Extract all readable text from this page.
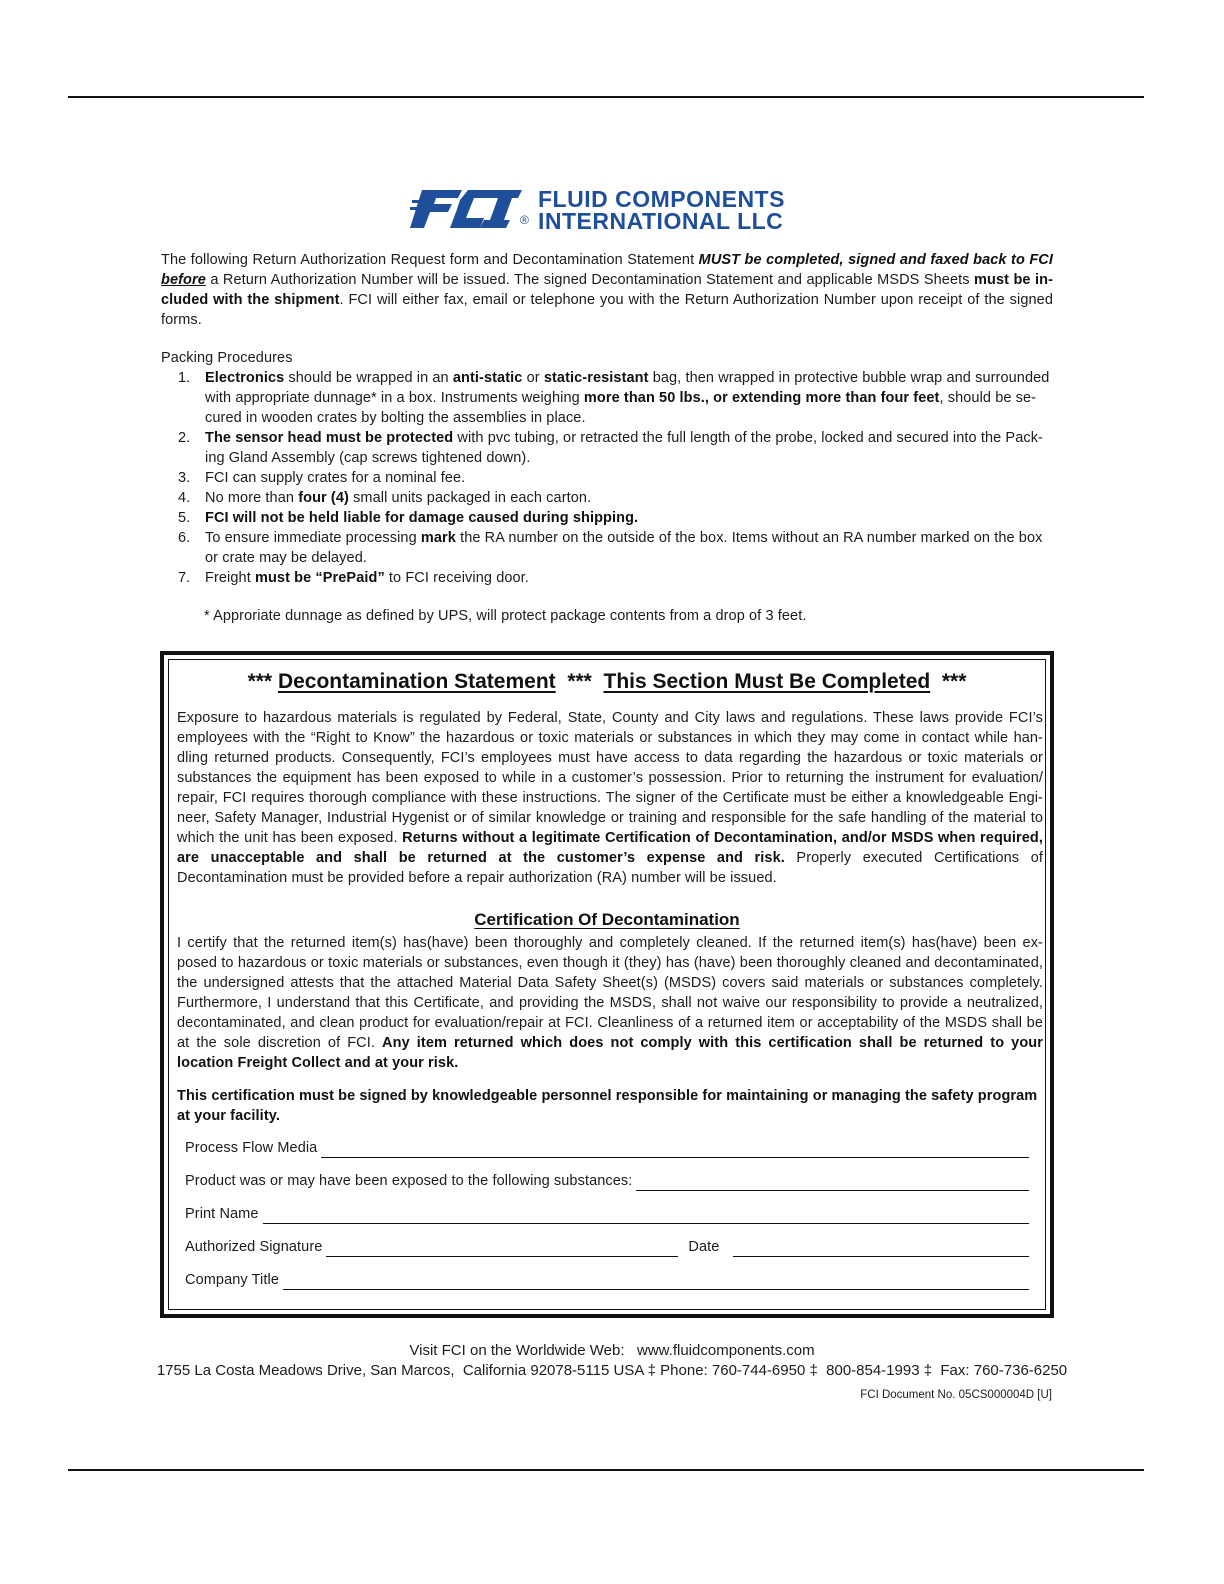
®
FLUID COMPONENTS
INTERNATIONAL LLC

The following Return Authorization Request form and Decontamination Statement MUST be completed, signed and faxed back to FCI before a Return Authorization Number will be issued. The signed Decontamination Statement and applicable MSDS Sheets must be in-cluded with the shipment. FCI will either fax, email or telephone you with the Return Authorization Number upon receipt of the signed forms.

Packing Procedures
1. Electronics should be wrapped in an anti-static or static-resistant bag, then wrapped in protective bubble wrap and surrounded with appropriate dunnage* in a box. Instruments weighing more than 50 lbs., or extending more than four feet, should be se-cured in wooden crates by bolting the assemblies in place.
2. The sensor head must be protected with pvc tubing, or retracted the full length of the probe, locked and secured into the Pack-ing Gland Assembly (cap screws tightened down).
3. FCI can supply crates for a nominal fee.
4. No more than four (4) small units packaged in each carton.
5. FCI will not be held liable for damage caused during shipping.
6. To ensure immediate processing mark the RA number on the outside of the box. Items without an RA number marked on the box or crate may be delayed.
7. Freight must be “PrePaid” to FCI receiving door.
* Approriate dunnage as defined by UPS, will protect package contents from a drop of 3 feet.
*** Decontamination Statement  ***  This Section Must Be Completed  ***

Exposure to hazardous materials is regulated by Federal, State, County and City laws and regulations. These laws provide FCI’s employees with the “Right to Know” the hazardous or toxic materials or substances in which they may come in contact while han-dling returned products. Consequently, FCI’s employees must have access to data regarding the hazardous or toxic materials or substances the equipment has been exposed to while in a customer’s possession. Prior to returning the instrument for evaluation/ repair, FCI requires thorough compliance with these instructions. The signer of the Certificate must be either a knowledgeable Engi-neer, Safety Manager, Industrial Hygenist or of similar knowledge or training and responsible for the safe handling of the material to which the unit has been exposed. Returns without a legitimate Certification of Decontamination, and/or MSDS when required, are unacceptable and shall be returned at the customer’s expense and risk. Properly executed Certifications of Decontamination must be provided before a repair authorization (RA) number will be issued.

Certification Of Decontamination

I certify that the returned item(s) has(have) been thoroughly and completely cleaned. If the returned item(s) has(have) been ex-posed to hazardous or toxic materials or substances, even though it (they) has (have) been thoroughly cleaned and decontaminated, the undersigned attests that the attached Material Data Safety Sheet(s) (MSDS) covers said materials or substances completely. Furthermore, I understand that this Certificate, and providing the MSDS, shall not waive our responsibility to provide a neutralized, decontaminated, and clean product for evaluation/repair at FCI. Cleanliness of a returned item or acceptability of the MSDS shall be at the sole discretion of FCI. Any item returned which does not comply with this certification shall be returned to your location Freight Collect and at your risk.

This certification must be signed by knowledgeable personnel responsible for maintaining or managing the safety program at your facility.
Process Flow Media
Product was or may have been exposed to the following substances:
Print Name
Authorized Signature	Date
Company Title
Visit FCI on the Worldwide Web:   www.fluidcomponents.com
1755 La Costa Meadows Drive, San Marcos,  California 92078-5115 USA ‡ Phone: 760-744-6950 ‡  800-854-1993 ‡  Fax: 760-736-6250
FCI Document No. 05CS000004D [U]
